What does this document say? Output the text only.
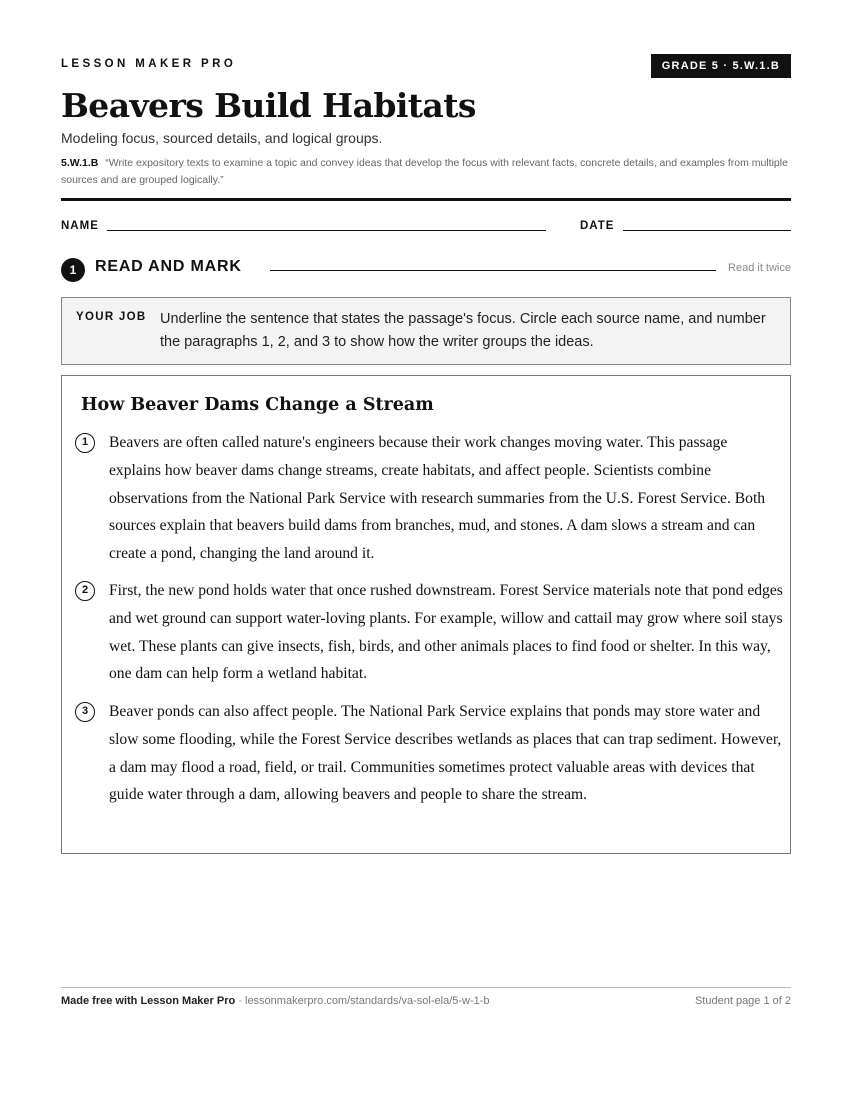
LESSON MAKER PRO	GRADE 5 · 5.W.1.B
Beavers Build Habitats
Modeling focus, sourced details, and logical groups.
5.W.1.B “Write expository texts to examine a topic and convey ideas that develop the focus with relevant facts, concrete details, and examples from multiple sources and are grouped logically.”
NAME	DATE
1	READ AND MARK	Read it twice
YOUR JOB Underline the sentence that states the passage's focus. Circle each source name, and number the paragraphs 1, 2, and 3 to show how the writer groups the ideas.
How Beaver Dams Change a Stream
1	Beavers are often called nature's engineers because their work changes moving water. This passage explains how beaver dams change streams, create habitats, and affect people. Scientists combine observations from the National Park Service with research summaries from the U.S. Forest Service. Both sources explain that beavers build dams from branches, mud, and stones. A dam slows a stream and can create a pond, changing the land around it.
2	First, the new pond holds water that once rushed downstream. Forest Service materials note that pond edges and wet ground can support water-loving plants. For example, willow and cattail may grow where soil stays wet. These plants can give insects, fish, birds, and other animals places to find food or shelter. In this way, one dam can help form a wetland habitat.
3	Beaver ponds can also affect people. The National Park Service explains that ponds may store water and slow some flooding, while the Forest Service describes wetlands as places that can trap sediment. However, a dam may flood a road, field, or trail. Communities sometimes protect valuable areas with devices that guide water through a dam, allowing beavers and people to share the stream.
Made free with Lesson Maker Pro · lessonmakerpro.com/standards/va-sol-ela/5-w-1-b	Student page 1 of 2
